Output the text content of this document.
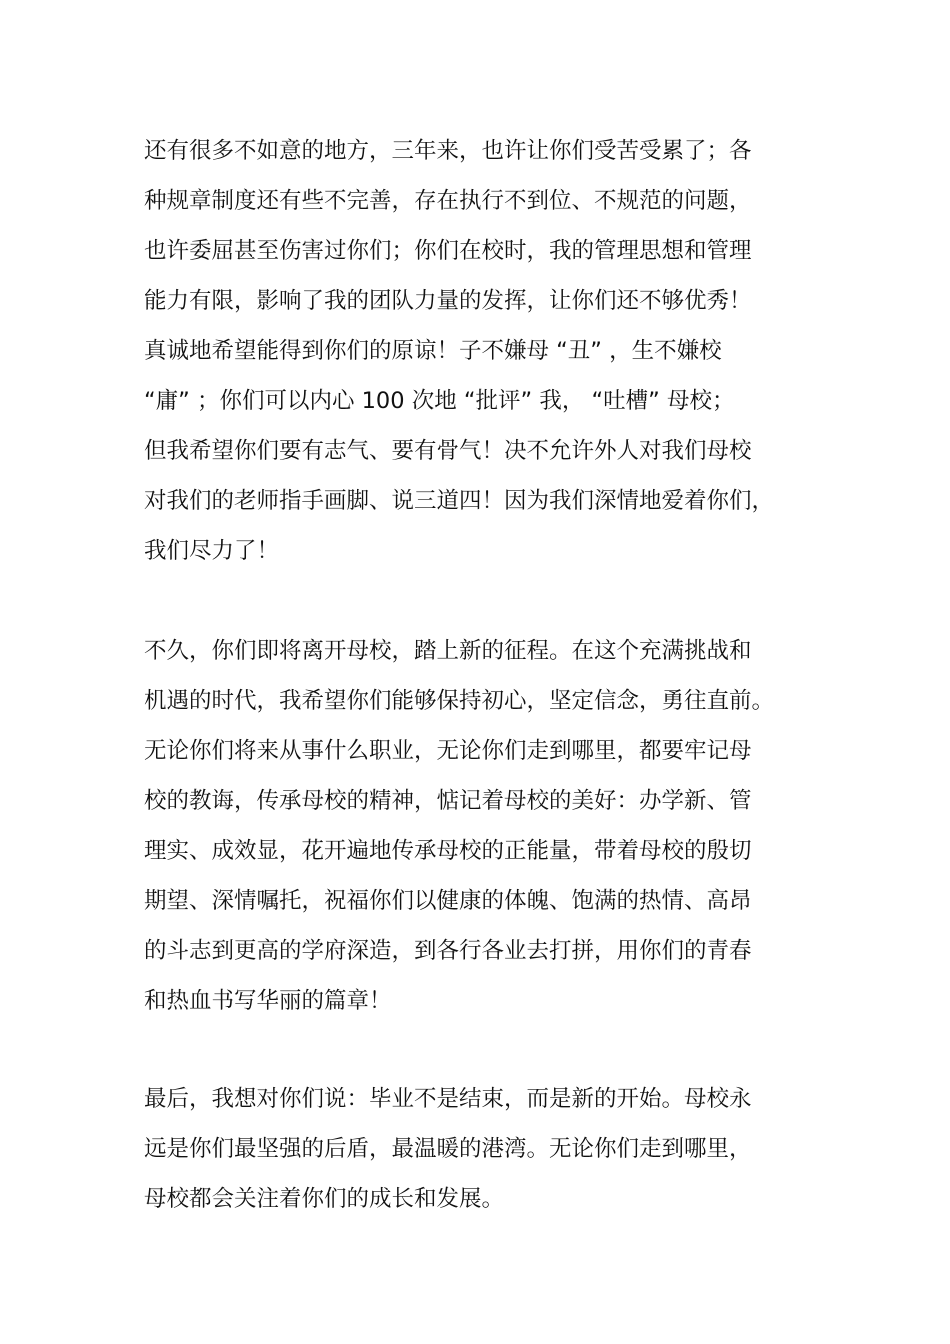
还有很多不如意的地方，三年来，也许让你们受苦受累了；各
种规章制度还有些不完善，存在执行不到位、不规范的问题，
也许委屈甚至伤害过你们；你们在校时，我的管理思想和管理
能力有限，影响了我的团队力量的发挥，让你们还不够优秀！
真诚地希望能得到你们的原谅！子不嫌母 “丑” ，生不嫌校
“庸” ；你们可以内心 100 次地 “批评” 我， “吐槽” 母校；
但我希望你们要有志气、要有骨气！决不允许外人对我们母校
对我们的老师指手画脚、说三道四！因为我们深情地爱着你们，
我们尽力了！
不久，你们即将离开母校，踏上新的征程。在这个充满挑战和
机遇的时代，我希望你们能够保持初心，坚定信念，勇往直前。
无论你们将来从事什么职业，无论你们走到哪里，都要牢记母
校的教诲，传承母校的精神，惦记着母校的美好：办学新、管
理实、成效显，花开遍地传承母校的正能量，带着母校的殷切
期望、深情嘱托，祝福你们以健康的体魄、饱满的热情、高昂
的斗志到更高的学府深造，到各行各业去打拼，用你们的青春
和热血书写华丽的篇章！
最后，我想对你们说：毕业不是结束，而是新的开始。母校永
远是你们最坚强的后盾，最温暖的港湾。无论你们走到哪里，
母校都会关注着你们的成长和发展。
